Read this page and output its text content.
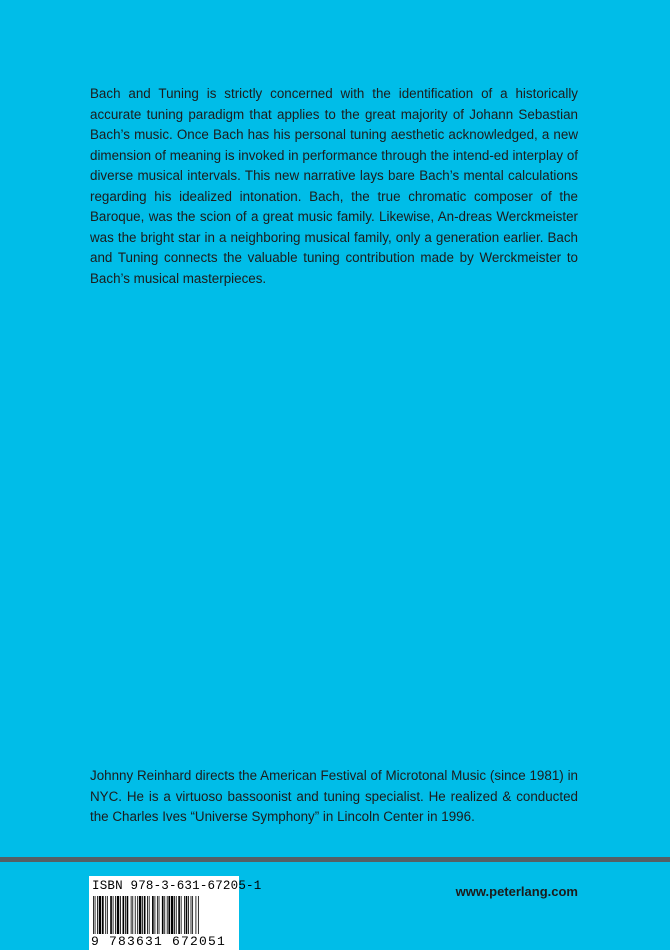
Bach and Tuning is strictly concerned with the identification of a historically accurate tuning paradigm that applies to the great majority of Johann Sebastian Bach’s music. Once Bach has his personal tuning aesthetic acknowledged, a new dimension of meaning is invoked in performance through the intend-ed interplay of diverse musical intervals. This new narrative lays bare Bach’s mental calculations regarding his idealized intonation. Bach, the true chromatic composer of the Baroque, was the scion of a great music family. Likewise, An-dreas Werckmeister was the bright star in a neighboring musical family, only a generation earlier. Bach and Tuning connects the valuable tuning contribution made by Werckmeister to Bach’s musical masterpieces.

Johnny Reinhard directs the American Festival of Microtonal Music (since 1981) in NYC. He is a virtuoso bassoonist and tuning specialist. He realized & conducted the Charles Ives “Universe Symphony” in Lincoln Center in 1996.

ISBN 978-3-631-67205-1
9 783631 672051
www.peterlang.com
